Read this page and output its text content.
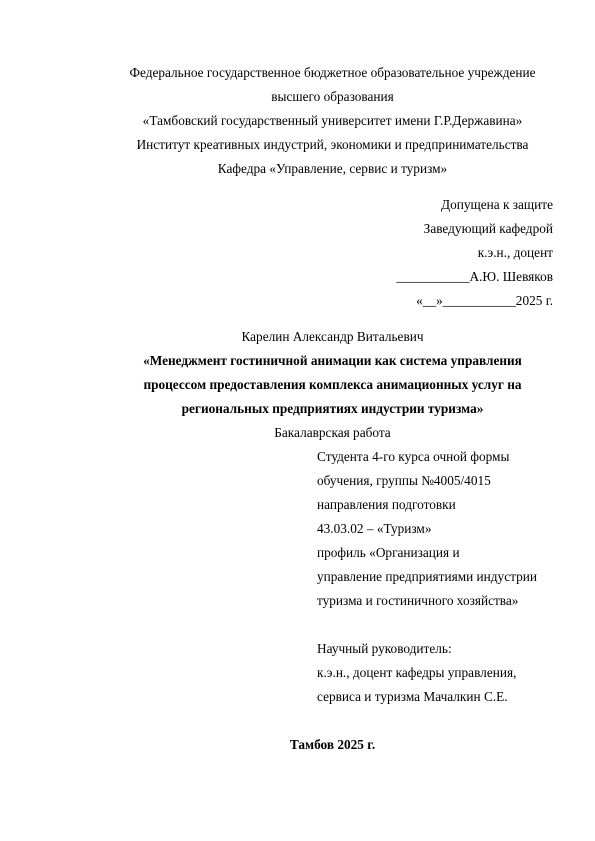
Федеральное государственное бюджетное образовательное учреждение
высшего образования
«Тамбовский государственный университет имени Г.Р.Державина»
Институт креативных индустрий, экономики и предпринимательства
Кафедра «Управление, сервис и туризм»
Допущена к защите
Заведующий кафедрой
к.э.н., доцент
___________А.Ю. Шевяков
«__»___________2025 г.
Карелин Александр Витальевич
«Менеджмент гостиничной анимации как система управления
процессом предоставления комплекса анимационных услуг на
региональных предприятиях индустрии туризма»
Бакалаврская работа
Студента 4-го курса очной формы
обучения, группы №4005/4015
направления подготовки
43.03.02 – «Туризм»
профиль «Организация и
управление предприятиями индустрии
туризма и гостиничного хозяйства»
Научный руководитель:
к.э.н., доцент кафедры управления,
сервиса и туризма Мачалкин С.Е.
Тамбов 2025 г.
